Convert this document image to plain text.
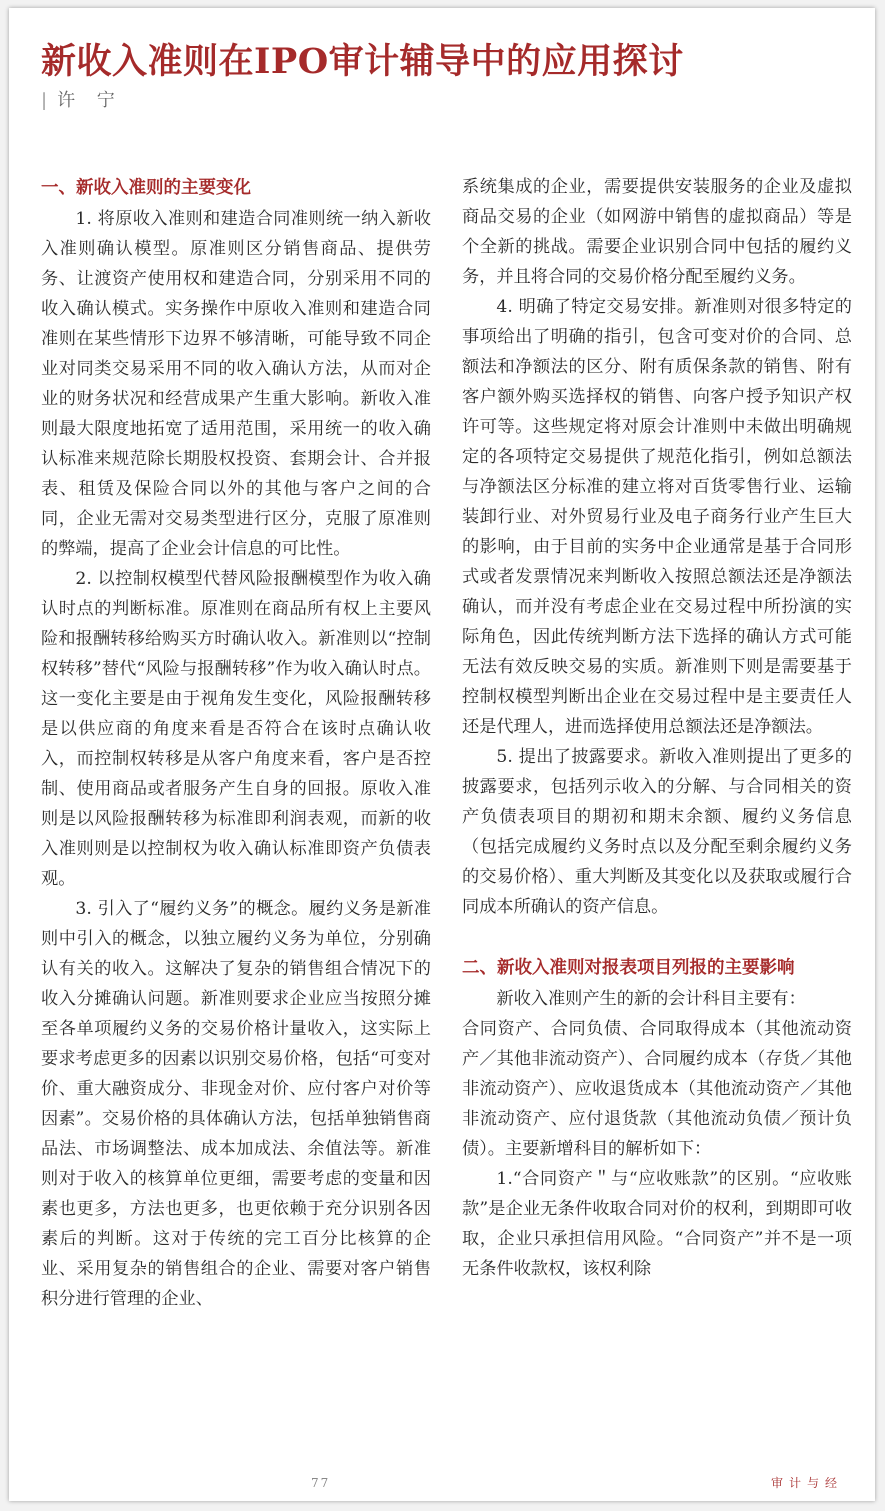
新收入准则在IPO审计辅导中的应用探讨
| 许 宁
一、新收入准则的主要变化

1. 将原收入准则和建造合同准则统一纳入新收入准则确认模型。原准则区分销售商品、提供劳务、让渡资产使用权和建造合同，分别采用不同的收入确认模式。实务操作中原收入准则和建造合同准则在某些情形下边界不够清晰，可能导致不同企业对同类交易采用不同的收入确认方法，从而对企业的财务状况和经营成果产生重大影响。新收入准则最大限度地拓宽了适用范围，采用统一的收入确认标准来规范除长期股权投资、套期会计、合并报表、租赁及保险合同以外的其他与客户之间的合同，企业无需对交易类型进行区分，克服了原准则的弊端，提高了企业会计信息的可比性。

2. 以控制权模型代替风险报酬模型作为收入确认时点的判断标准。原准则在商品所有权上主要风险和报酬转移给购买方时确认收入。新准则以“控制权转移”替代“风险与报酬转移”作为收入确认时点。这一变化主要是由于视角发生变化，风险报酬转移是以供应商的角度来看是否符合在该时点确认收入，而控制权转移是从客户角度来看，客户是否控制、使用商品或者服务产生自身的回报。原收入准则是以风险报酬转移为标准即利润表观，而新的收入准则则是以控制权为收入确认标准即资产负债表观。

3. 引入了“履约义务”的概念。履约义务是新准则中引入的概念，以独立履约义务为单位，分别确认有关的收入。这解决了复杂的销售组合情况下的收入分摊确认问题。新准则要求企业应当按照分摊至各单项履约义务的交易价格计量收入，这实际上要求考虑更多的因素以识别交易价格，包括“可变对价、重大融资成分、非现金对价、应付客户对价等因素”。交易价格的具体确认方法，包括单独销售商品法、市场调整法、成本加成法、余值法等。新准则对于收入的核算单位更细，需要考虑的变量和因素也更多，方法也更多，也更依赖于充分识别各因素后的判断。这对于传统的完工百分比核算的企业、采用复杂的销售组合的企业、需要对客户销售积分进行管理的企业、

系统集成的企业，需要提供安装服务的企业及虚拟商品交易的企业（如网游中销售的虚拟商品）等是个全新的挑战。需要企业识别合同中包括的履约义务，并且将合同的交易价格分配至履约义务。

4. 明确了特定交易安排。新准则对很多特定的事项给出了明确的指引，包含可变对价的合同、总额法和净额法的区分、附有质保条款的销售、附有客户额外购买选择权的销售、向客户授予知识产权许可等。这些规定将对原会计准则中未做出明确规定的各项特定交易提供了规范化指引，例如总额法与净额法区分标准的建立将对百货零售行业、运输装卸行业、对外贸易行业及电子商务行业产生巨大的影响，由于目前的实务中企业通常是基于合同形式或者发票情况来判断收入按照总额法还是净额法确认，而并没有考虑企业在交易过程中所扮演的实际角色，因此传统判断方法下选择的确认方式可能无法有效反映交易的实质。新准则下则是需要基于控制权模型判断出企业在交易过程中是主要责任人还是代理人，进而选择使用总额法还是净额法。

5. 提出了披露要求。新收入准则提出了更多的披露要求，包括列示收入的分解、与合同相关的资产负债表项目的期初和期末余额、履约义务信息（包括完成履约义务时点以及分配至剩余履约义务的交易价格）、重大判断及其变化以及获取或履行合同成本所确认的资产信息。

二、新收入准则对报表项目列报的主要影响

新收入准则产生的新的会计科目主要有：

合同资产、合同负债、合同取得成本（其他流动资产／其他非流动资产）、合同履约成本（存货／其他非流动资产）、应收退货成本（其他流动资产／其他非流动资产、应付退货款（其他流动负债／预计负债）。主要新增科目的解析如下：

1.“合同资产＂与“应收账款”的区别。“应收账款”是企业无条件收取合同对价的权利，到期即可收取，企业只承担信用风险。“合同资产”并不是一项无条件收款权，该权利除

77	审计与经
